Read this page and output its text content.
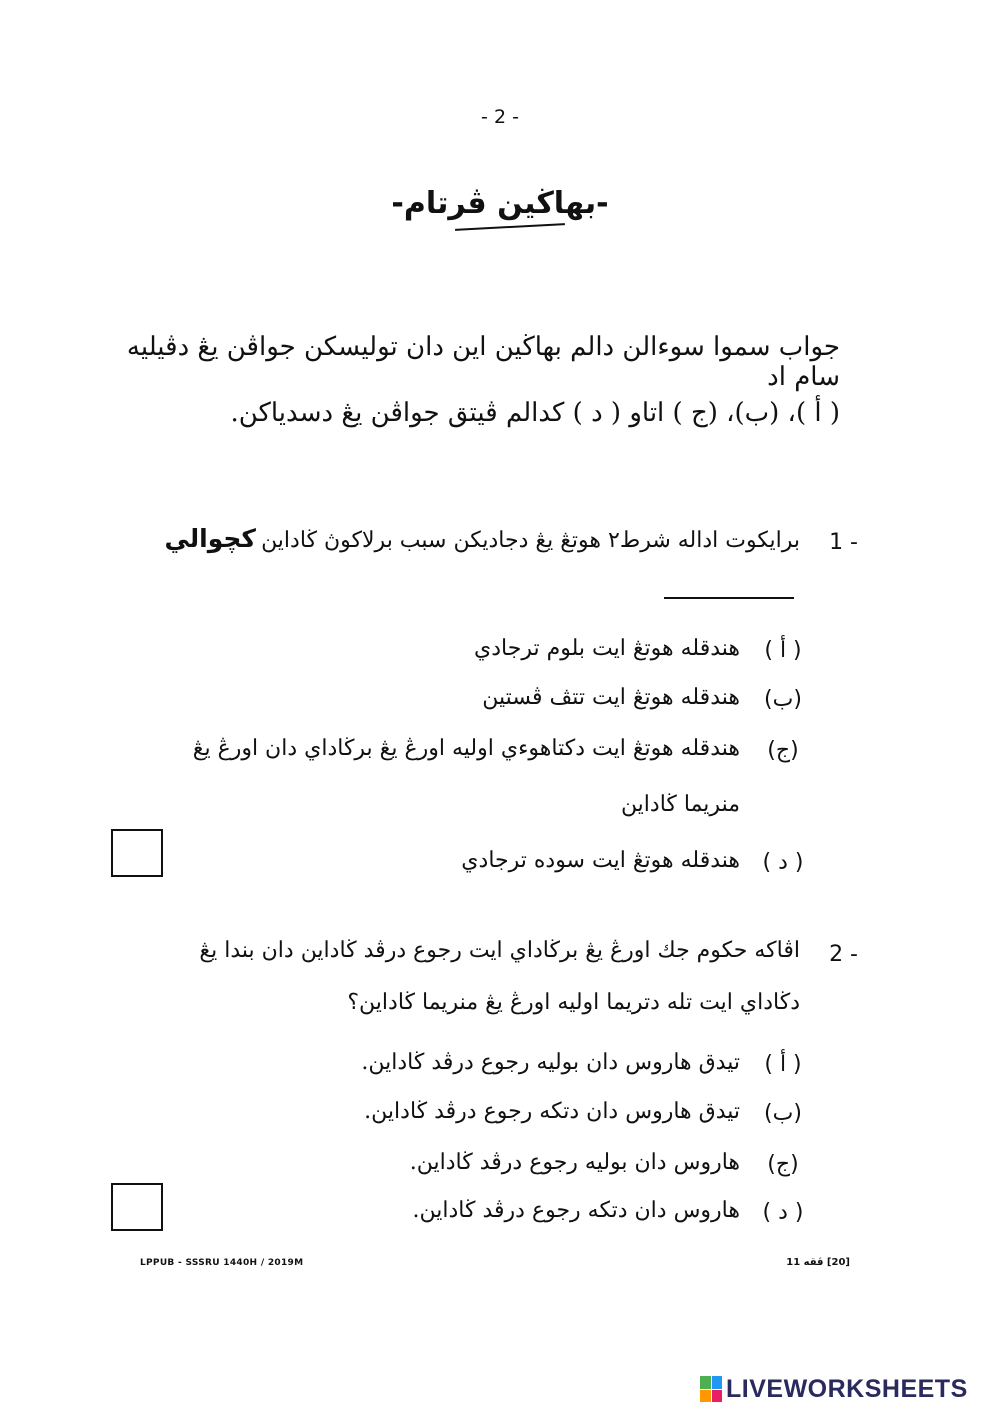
- 2 -
-بهاڬين ڤرتام-
جواب سموا سوءالن دالم بهاڬين اين دان توليسكن جواڤن يڠ دڤيليه سام اد
( أ )، (ب)، (ج ) اتاو ( د ) كدالم ڤيتق جواڤن يڠ دسدياكن.
1 -
برايكوت اداله شرط٢ هوتڠ يڠ دجاديكن سبب برلاكوڽ ڬاداين كچوالي
( أ )
هندقله هوتڠ ايت بلوم ترجادي
(ب)
هندقله هوتڠ ايت تتڤ ڤستين
(ج)
هندقله هوتڠ ايت دكتاهوءي اوليه اورڠ يڠ برڬاداي دان اورڠ يڠ
منريما ڬاداين
( د )
هندقله هوتڠ ايت سوده ترجادي
2 -
اڤاكه حكوم جك اورڠ يڠ برڬاداي ايت رجوع درڤد ڬاداين دان بندا يڠ
دڬاداي ايت تله دتريما اوليه اورڠ يڠ منريما ڬاداين؟
( أ )
تيدق هاروس دان بوليه رجوع درڤد ڬاداين.
(ب)
تيدق هاروس دان دتكه رجوع درڤد ڬاداين.
(ج)
هاروس دان بوليه رجوع درڤد ڬاداين.
( د )
هاروس دان دتكه رجوع درڤد ڬاداين.
LPPUB - SSSRU 1440H / 2019M	[20] ڤقه 11
LIVEWORKSHEETS
